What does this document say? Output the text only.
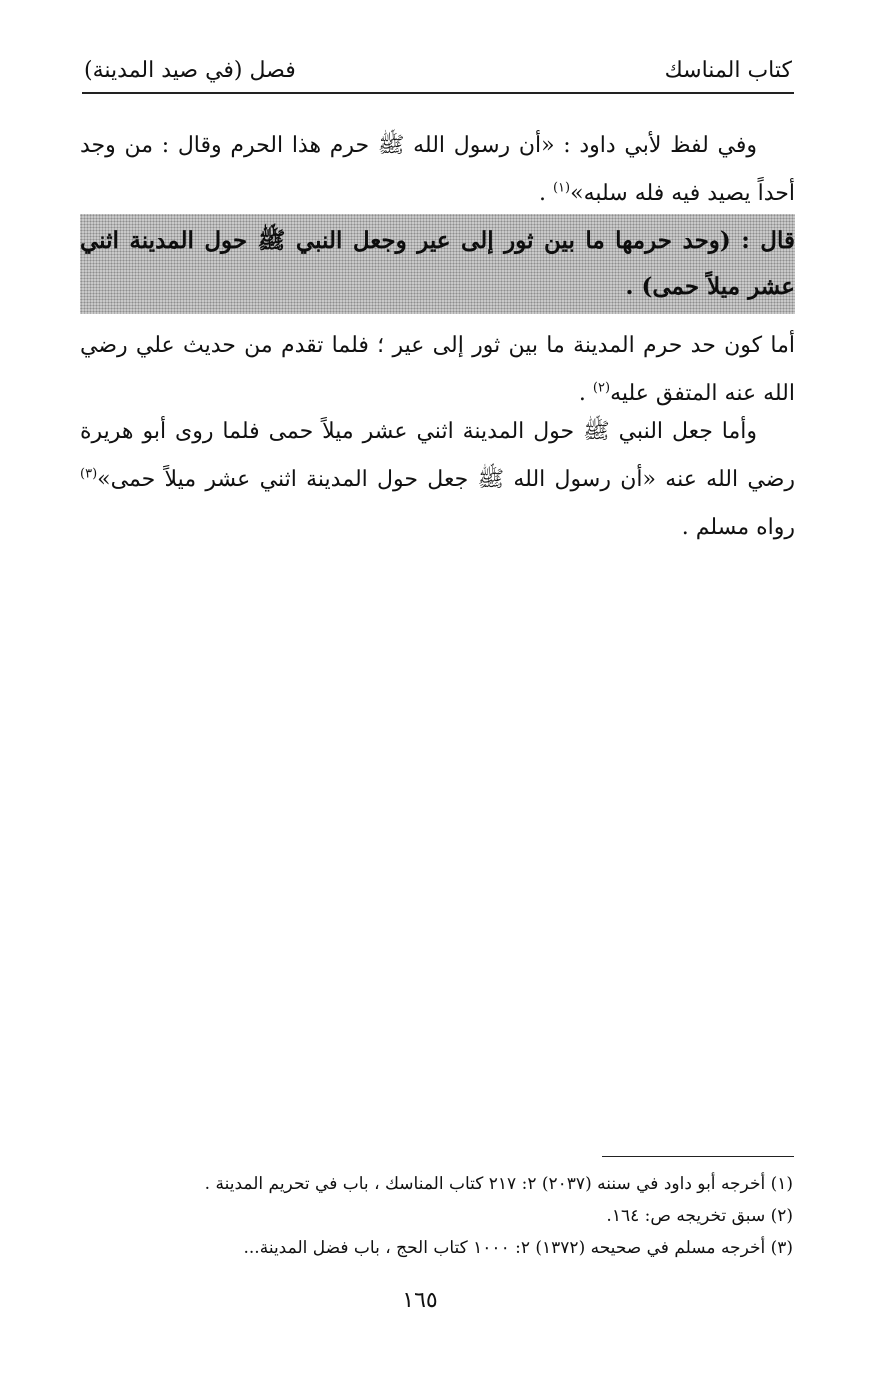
كتاب المناسك
فصل (في صيد المدينة)
وفي لفظ لأبي داود : «أن رسول الله ﷺ حرم هذا الحرم وقال : من وجد أحداً يصيد فيه فله سلبه»$^{(١)}$ .
قال : (وحد حرمها ما بين ثور إلى عير وجعل النبي ﷺ حول المدينة اثني عشر ميلاً حمى) .
أما كون حد حرم المدينة ما بين ثور إلى عير ؛ فلما تقدم من حديث علي رضي الله عنه المتفق عليه$^{(٢)}$ .
وأما جعل النبي ﷺ حول المدينة اثني عشر ميلاً حمى فلما روى أبو هريرة رضي الله عنه «أن رسول الله ﷺ جعل حول المدينة اثني عشر ميلاً حمى»$^{(٣)}$ رواه مسلم .
(١) أخرجه أبو داود في سننه (٢٠٣٧) ٢: ٢١٧ كتاب المناسك ، باب في تحريم المدينة .
(٢) سبق تخريجه ص: ١٦٤.
(٣) أخرجه مسلم في صحيحه (١٣٧٢) ٢: ١٠٠٠ كتاب الحج ، باب فضل المدينة...
١٦٥
